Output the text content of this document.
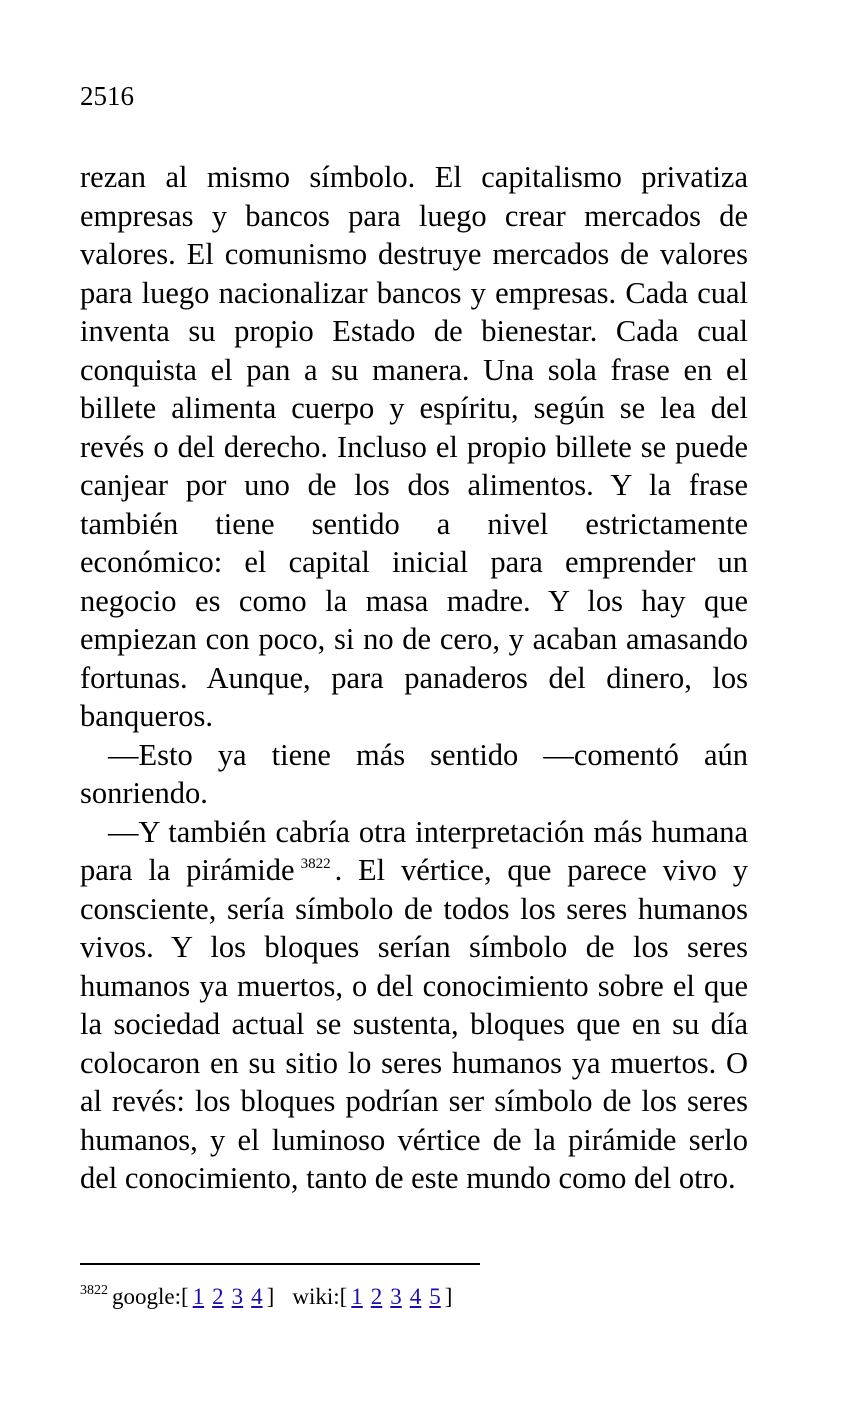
2516

rezan al mismo símbolo. El capitalismo privatiza empresas y bancos para luego crear mercados de valores. El comunismo destruye mercados de valores para luego nacionalizar bancos y empresas. Cada cual inventa su propio Estado de bienestar. Cada cual conquista el pan a su manera. Una sola frase en el billete alimenta cuerpo y espíritu, según se lea del revés o del derecho. Incluso el propio billete se puede canjear por uno de los dos alimentos. Y la frase también tiene sentido a nivel estrictamente económico: el capital inicial para emprender un negocio es como la masa madre. Y los hay que empiezan con poco, si no de cero, y acaban amasando fortunas. Aunque, para panaderos del dinero, los banqueros.

—Esto ya tiene más sentido —comentó aún sonriendo.

—Y también cabría otra interpretación más humana para la pirámide $^{3822}$ . El vértice, que parece vivo y consciente, sería símbolo de todos los seres humanos vivos. Y los bloques serían símbolo de los seres humanos ya muertos, o del conocimiento sobre el que la sociedad actual se sustenta, bloques que en su día colocaron en su sitio lo seres humanos ya muertos. O al revés: los bloques podrían ser símbolo de los seres humanos, y el luminoso vértice de la pirámide serlo del conocimiento, tanto de este mundo como del otro.

$^{3822}$ google:[ 1 2 3 4 ] wiki:[ 1 2 3 4 5 ]
